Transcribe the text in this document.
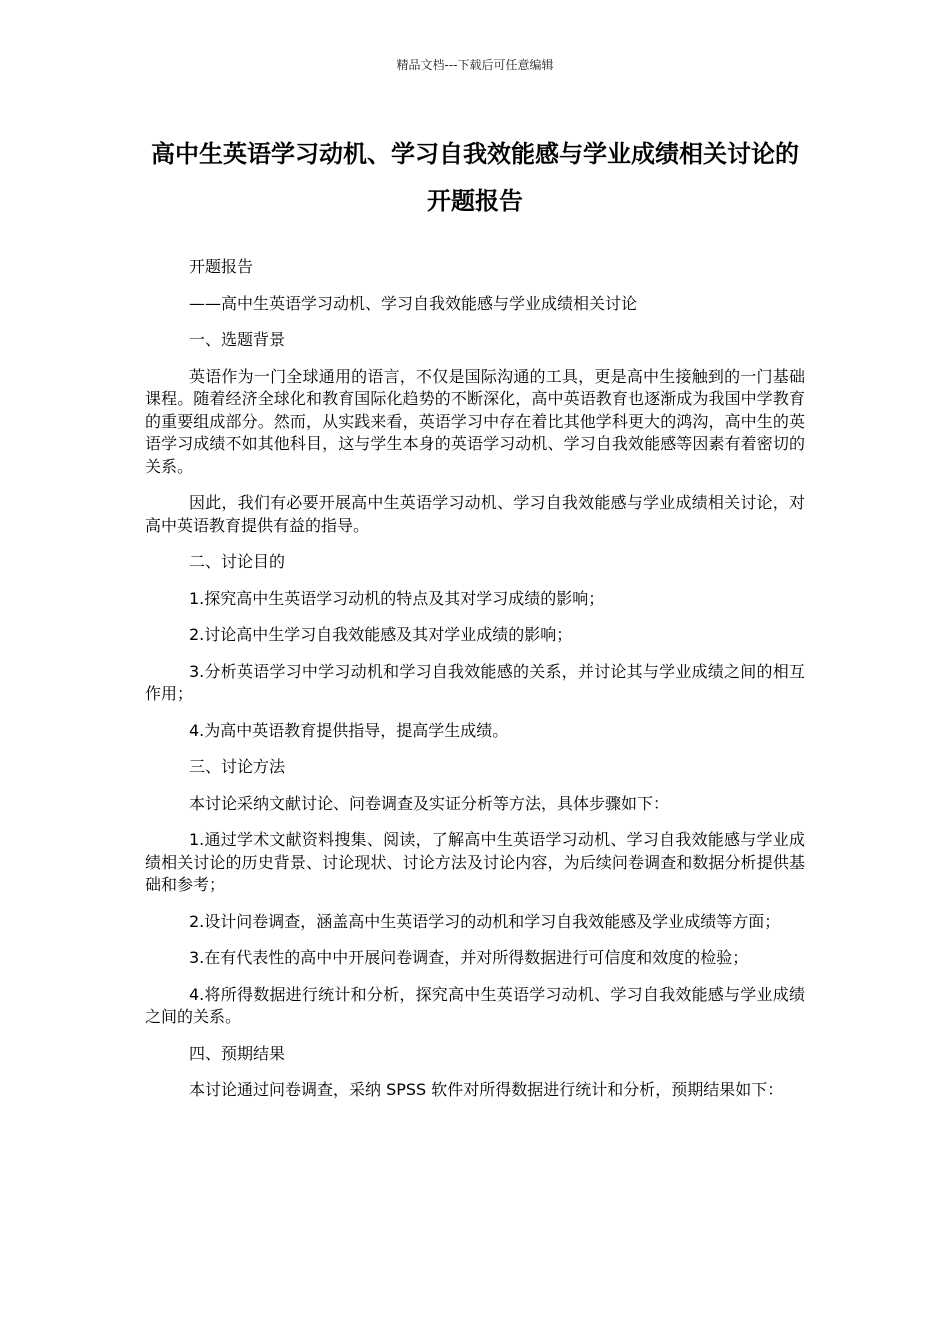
精品文档---下载后可任意编辑
高中生英语学习动机、学习自我效能感与学业成绩相关讨论的开题报告

开题报告

——高中生英语学习动机、学习自我效能感与学业成绩相关讨论

一、选题背景

英语作为一门全球通用的语言，不仅是国际沟通的工具，更是高中生接触到的一门基础课程。随着经济全球化和教育国际化趋势的不断深化，高中英语教育也逐渐成为我国中学教育的重要组成部分。然而，从实践来看，英语学习中存在着比其他学科更大的鸿沟，高中生的英语学习成绩不如其他科目，这与学生本身的英语学习动机、学习自我效能感等因素有着密切的关系。

因此，我们有必要开展高中生英语学习动机、学习自我效能感与学业成绩相关讨论，对高中英语教育提供有益的指导。

二、讨论目的

1.探究高中生英语学习动机的特点及其对学习成绩的影响；

2.讨论高中生学习自我效能感及其对学业成绩的影响；

3.分析英语学习中学习动机和学习自我效能感的关系，并讨论其与学业成绩之间的相互作用；

4.为高中英语教育提供指导，提高学生成绩。

三、讨论方法

本讨论采纳文献讨论、问卷调查及实证分析等方法，具体步骤如下：

1.通过学术文献资料搜集、阅读，了解高中生英语学习动机、学习自我效能感与学业成绩相关讨论的历史背景、讨论现状、讨论方法及讨论内容，为后续问卷调查和数据分析提供基础和参考；

2.设计问卷调查，涵盖高中生英语学习的动机和学习自我效能感及学业成绩等方面；

3.在有代表性的高中中开展问卷调查，并对所得数据进行可信度和效度的检验；

4.将所得数据进行统计和分析，探究高中生英语学习动机、学习自我效能感与学业成绩之间的关系。

四、预期结果

本讨论通过问卷调查，采纳 SPSS 软件对所得数据进行统计和分析，预期结果如下：
